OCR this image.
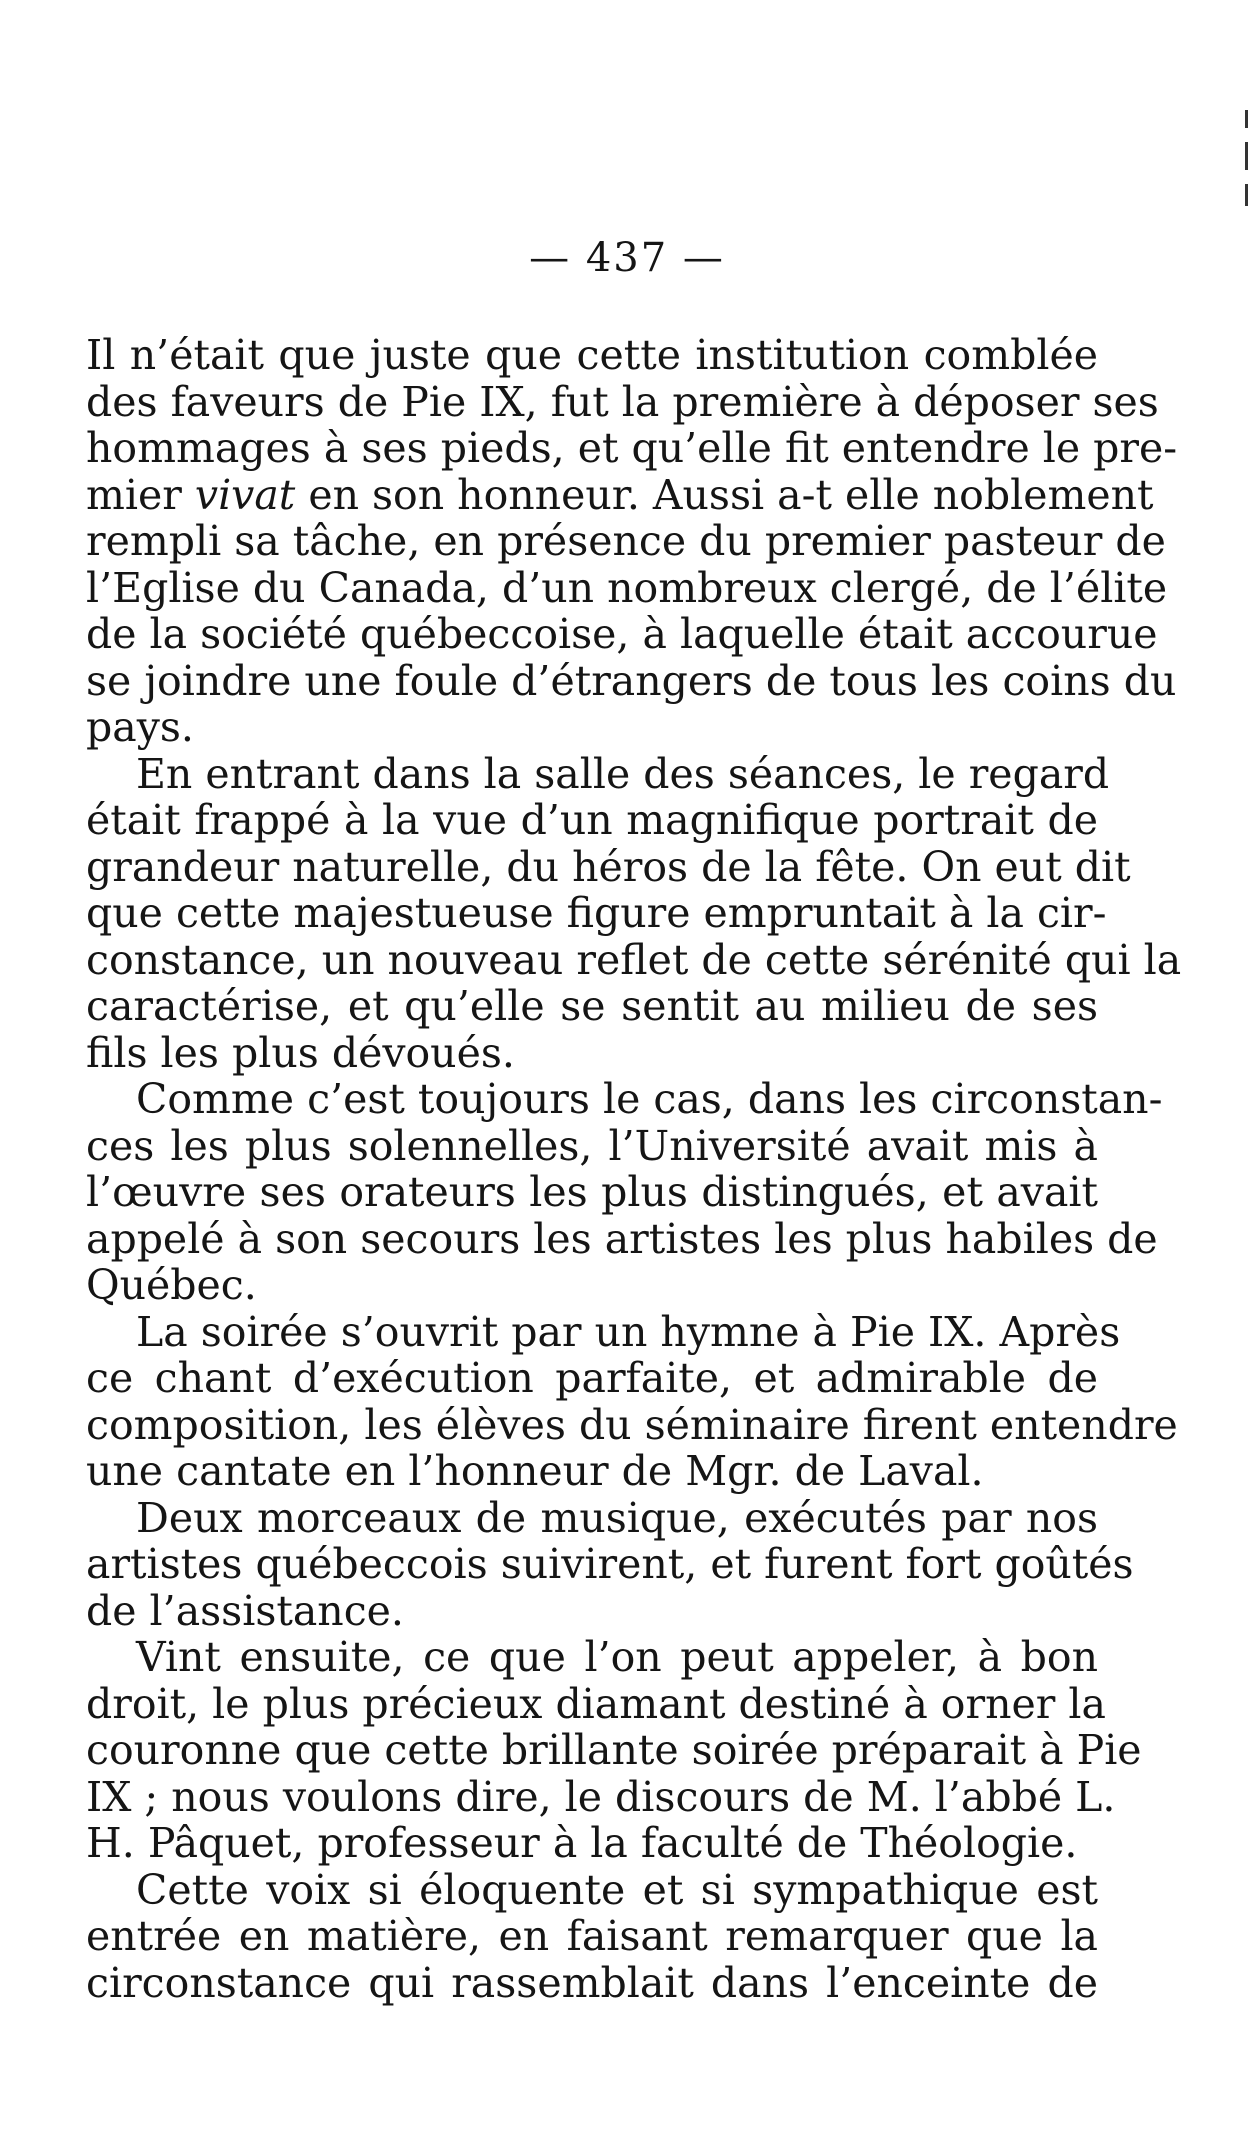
— 437 —
Il n’était que juste que cette institution comblée
des faveurs de Pie IX, fut la première à déposer ses
hommages à ses pieds, et qu’elle fit entendre le pre-
mier vivat en son honneur. Aussi a-t elle noblement
rempli sa tâche, en présence du premier pasteur de
l’Eglise du Canada, d’un nombreux clergé, de l’élite
de la société québeccoise, à laquelle était accourue
se joindre une foule d’étrangers de tous les coins du
pays.
En entrant dans la salle des séances, le regard
était frappé à la vue d’un magnifique portrait de
grandeur naturelle, du héros de la fête. On eut dit
que cette majestueuse figure empruntait à la cir-
constance, un nouveau reflet de cette sérénité qui la
caractérise, et qu’elle se sentit au milieu de ses
fils les plus dévoués.
Comme c’est toujours le cas, dans les circonstan-
ces les plus solennelles, l’Université avait mis à
l’œuvre ses orateurs les plus distingués, et avait
appelé à son secours les artistes les plus habiles de
Québec.
La soirée s’ouvrit par un hymne à Pie IX. Après
ce chant d’exécution parfaite, et admirable de
composition, les élèves du séminaire firent entendre
une cantate en l’honneur de Mgr. de Laval.
Deux morceaux de musique, exécutés par nos
artistes québeccois suivirent, et furent fort goûtés
de l’assistance.
Vint ensuite, ce que l’on peut appeler, à bon
droit, le plus précieux diamant destiné à orner la
couronne que cette brillante soirée préparait à Pie
IX ; nous voulons dire, le discours de M. l’abbé L.
H. Pâquet, professeur à la faculté de Théologie.
Cette voix si éloquente et si sympathique est
entrée en matière, en faisant remarquer que la
circonstance qui rassemblait dans l’enceinte de
